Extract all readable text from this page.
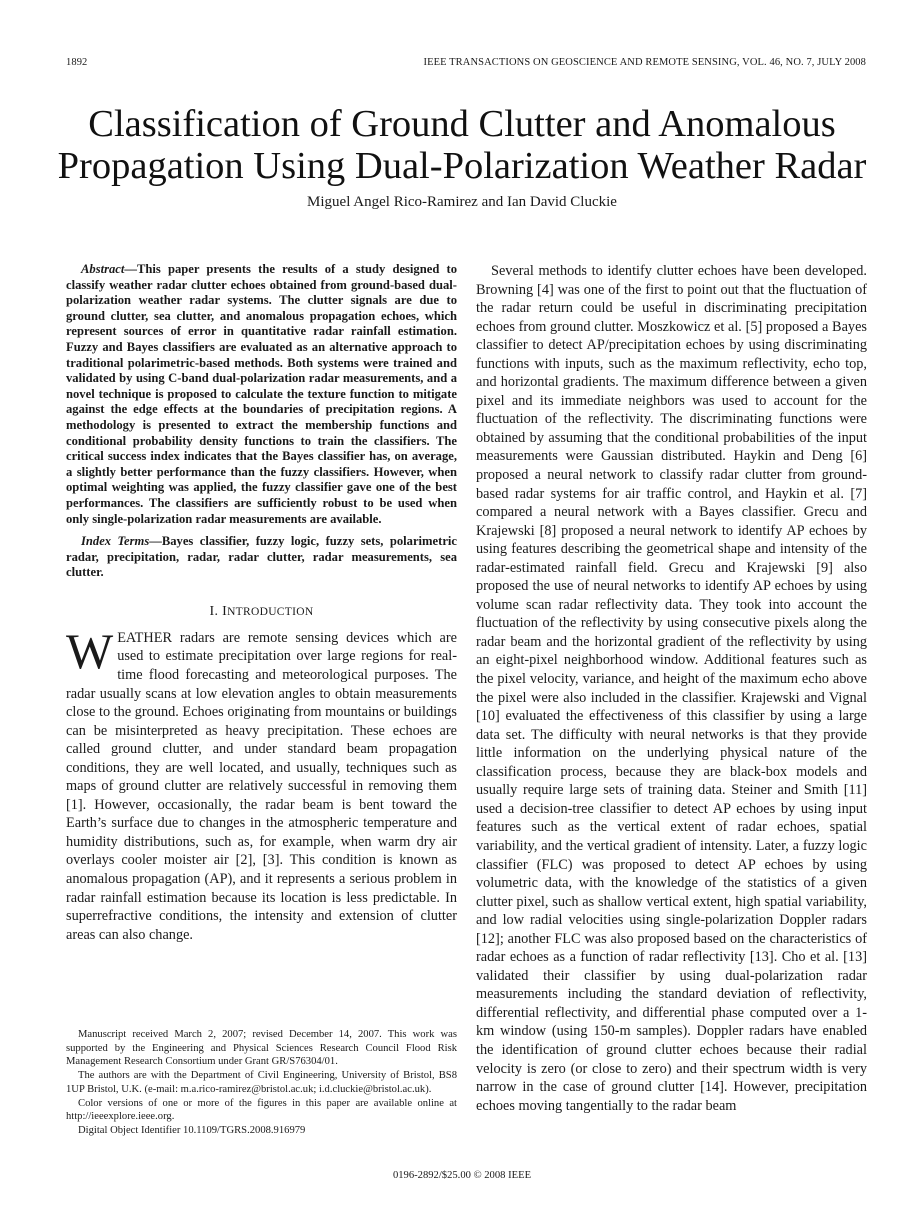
1892	IEEE TRANSACTIONS ON GEOSCIENCE AND REMOTE SENSING, VOL. 46, NO. 7, JULY 2008
Classification of Ground Clutter and Anomalous Propagation Using Dual-Polarization Weather Radar
Miguel Angel Rico-Ramirez and Ian David Cluckie

Abstract—This paper presents the results of a study designed to classify weather radar clutter echoes obtained from ground-based dual-polarization weather radar systems. The clutter signals are due to ground clutter, sea clutter, and anomalous propagation echoes, which represent sources of error in quantitative radar rainfall estimation. Fuzzy and Bayes classifiers are evaluated as an alternative approach to traditional polarimetric-based methods. Both systems were trained and validated by using C-band dual-polarization radar measurements, and a novel technique is proposed to calculate the texture function to mitigate against the edge effects at the boundaries of precipitation regions. A methodology is presented to extract the membership functions and conditional probability density functions to train the classifiers. The critical success index indicates that the Bayes classifier has, on average, a slightly better performance than the fuzzy classifiers. However, when optimal weighting was applied, the fuzzy classifier gave one of the best performances. The classifiers are sufficiently robust to be used when only single-polarization radar measurements are available.

Index Terms—Bayes classifier, fuzzy logic, fuzzy sets, polarimetric radar, precipitation, radar, radar clutter, radar measurements, sea clutter.

I. INTRODUCTION

WEATHER radars are remote sensing devices which are used to estimate precipitation over large regions for real-time flood forecasting and meteorological purposes. The radar usually scans at low elevation angles to obtain measurements close to the ground. Echoes originating from mountains or buildings can be misinterpreted as heavy precipitation. These echoes are called ground clutter, and under standard beam propagation conditions, they are well located, and usually, techniques such as maps of ground clutter are relatively successful in removing them [1]. However, occasionally, the radar beam is bent toward the Earth’s surface due to changes in the atmospheric temperature and humidity distributions, such as, for example, when warm dry air overlays cooler moister air [2], [3]. This condition is known as anomalous propagation (AP), and it represents a serious problem in radar rainfall estimation because its location is less predictable. In superrefractive conditions, the intensity and extension of clutter areas can also change.

Several methods to identify clutter echoes have been developed. Browning [4] was one of the first to point out that the fluctuation of the radar return could be useful in discriminating precipitation echoes from ground clutter. Moszkowicz et al. [5] proposed a Bayes classifier to detect AP/precipitation echoes by using discriminating functions with inputs, such as the maximum reflectivity, echo top, and horizontal gradients. The maximum difference between a given pixel and its immediate neighbors was used to account for the fluctuation of the reflectivity. The discriminating functions were obtained by assuming that the conditional probabilities of the input measurements were Gaussian distributed. Haykin and Deng [6] proposed a neural network to classify radar clutter from ground-based radar systems for air traffic control, and Haykin et al. [7] compared a neural network with a Bayes classifier. Grecu and Krajewski [8] proposed a neural network to identify AP echoes by using features describing the geometrical shape and intensity of the radar-estimated rainfall field. Grecu and Krajewski [9] also proposed the use of neural networks to identify AP echoes by using volume scan radar reflectivity data. They took into account the fluctuation of the reflectivity by using consecutive pixels along the radar beam and the horizontal gradient of the reflectivity by using an eight-pixel neighborhood window. Additional features such as the pixel velocity, variance, and height of the maximum echo above the pixel were also included in the classifier. Krajewski and Vignal [10] evaluated the effectiveness of this classifier by using a large data set. The difficulty with neural networks is that they provide little information on the underlying physical nature of the classification process, because they are black-box models and usually require large sets of training data. Steiner and Smith [11] used a decision-tree classifier to detect AP echoes by using input features such as the vertical extent of radar echoes, spatial variability, and the vertical gradient of intensity. Later, a fuzzy logic classifier (FLC) was proposed to detect AP echoes by using volumetric data, with the knowledge of the statistics of a given clutter pixel, such as shallow vertical extent, high spatial variability, and low radial velocities using single-polarization Doppler radars [12]; another FLC was also proposed based on the characteristics of radar echoes as a function of radar reflectivity [13]. Cho et al. [13] validated their classifier by using dual-polarization radar measurements including the standard deviation of reflectivity, differential reflectivity, and differential phase computed over a 1-km window (using 150-m samples). Doppler radars have enabled the identification of ground clutter echoes because their radial velocity is zero (or close to zero) and their spectrum width is very narrow in the case of ground clutter [14]. However, precipitation echoes moving tangentially to the radar beam

Manuscript received March 2, 2007; revised December 14, 2007. This work was supported by the Engineering and Physical Sciences Research Council Flood Risk Management Research Consortium under Grant GR/S76304/01.

The authors are with the Department of Civil Engineering, University of Bristol, BS8 1UP Bristol, U.K. (e-mail: m.a.rico-ramirez@bristol.ac.uk; i.d.cluckie@bristol.ac.uk).

Color versions of one or more of the figures in this paper are available online at http://ieeexplore.ieee.org.

Digital Object Identifier 10.1109/TGRS.2008.916979

0196-2892/$25.00 © 2008 IEEE
